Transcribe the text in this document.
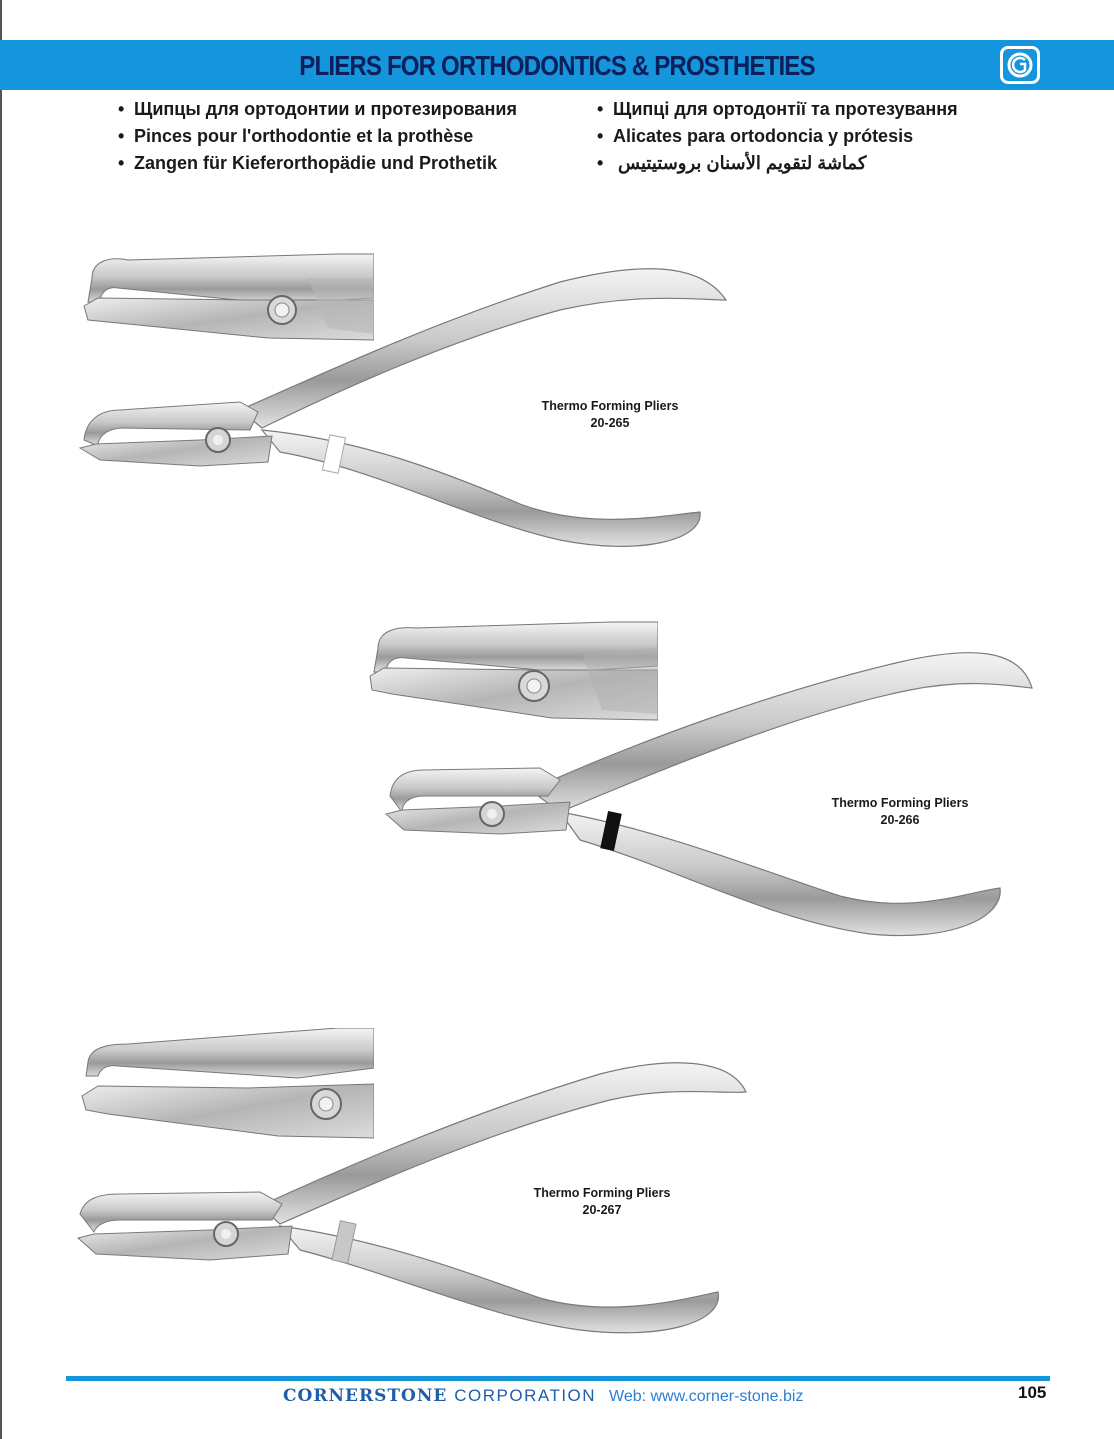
PLIERS FOR ORTHODONTICS & PROSTHETIES
• Щипцы для ортодонтии и протезирования
• Pinces pour l'orthodontie et la prothèse
• Zangen für Kieferorthopädie und Prothetik
• Щипці для ортодонтії та протезування
• Alicates para ortodoncia y prótesis
• كماشة لتقويم الأسنان بروستيتيس
Thermo Forming Pliers
20-265
Thermo Forming Pliers
20-266
Thermo Forming Pliers
20-267
CORNERSTONE CORPORATION Web: www.corner-stone.biz	105
